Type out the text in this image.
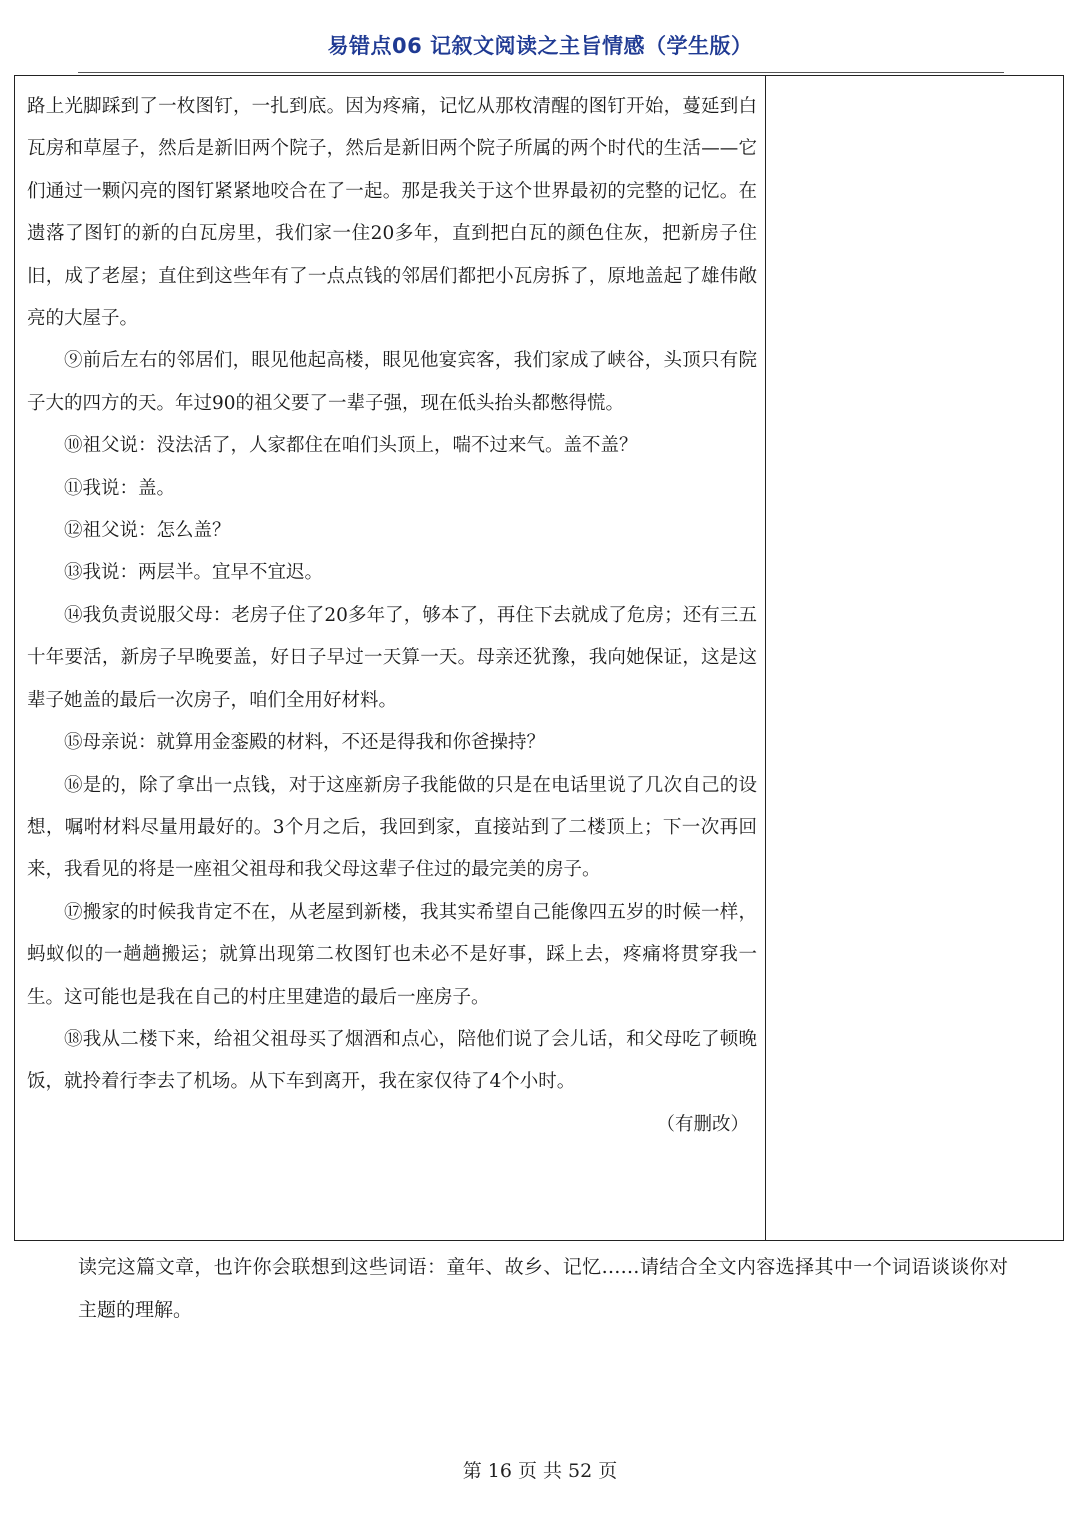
易错点06 记叙文阅读之主旨情感（学生版）

路上光脚踩到了一枚图钉，一扎到底。因为疼痛，记忆从那枚清醒的图钉开始，蔓延到白瓦房和草屋子，然后是新旧两个院子，然后是新旧两个院子所属的两个时代的生活——它们通过一颗闪亮的图钉紧紧地咬合在了一起。那是我关于这个世界最初的完整的记忆。在遗落了图钉的新的白瓦房里，我们家一住20多年，直到把白瓦的颜色住灰，把新房子住旧，成了老屋；直住到这些年有了一点点钱的邻居们都把小瓦房拆了，原地盖起了雄伟敞亮的大屋子。

⑨前后左右的邻居们，眼见他起高楼，眼见他宴宾客，我们家成了峡谷，头顶只有院子大的四方的天。年过90的祖父要了一辈子强，现在低头抬头都憋得慌。

⑩祖父说：没法活了，人家都住在咱们头顶上，喘不过来气。盖不盖？

⑪我说：盖。

⑫祖父说：怎么盖？

⑬我说：两层半。宜早不宜迟。

⑭我负责说服父母：老房子住了20多年了，够本了，再住下去就成了危房；还有三五十年要活，新房子早晚要盖，好日子早过一天算一天。母亲还犹豫，我向她保证，这是这辈子她盖的最后一次房子，咱们全用好材料。

⑮母亲说：就算用金銮殿的材料，不还是得我和你爸操持？

⑯是的，除了拿出一点钱，对于这座新房子我能做的只是在电话里说了几次自己的设想，嘱咐材料尽量用最好的。3个月之后，我回到家，直接站到了二楼顶上；下一次再回来，我看见的将是一座祖父祖母和我父母这辈子住过的最完美的房子。

⑰搬家的时候我肯定不在，从老屋到新楼，我其实希望自己能像四五岁的时候一样，蚂蚁似的一趟趟搬运；就算出现第二枚图钉也未必不是好事，踩上去，疼痛将贯穿我一生。这可能也是我在自己的村庄里建造的最后一座房子。

⑱我从二楼下来，给祖父祖母买了烟酒和点心，陪他们说了会儿话，和父母吃了顿晚饭，就拎着行李去了机场。从下车到离开，我在家仅待了4个小时。

（有删改）

读完这篇文章，也许你会联想到这些词语：童年、故乡、记忆……请结合全文内容选择其中一个词语谈谈你对主题的理解。

第 16 页 共 52 页
